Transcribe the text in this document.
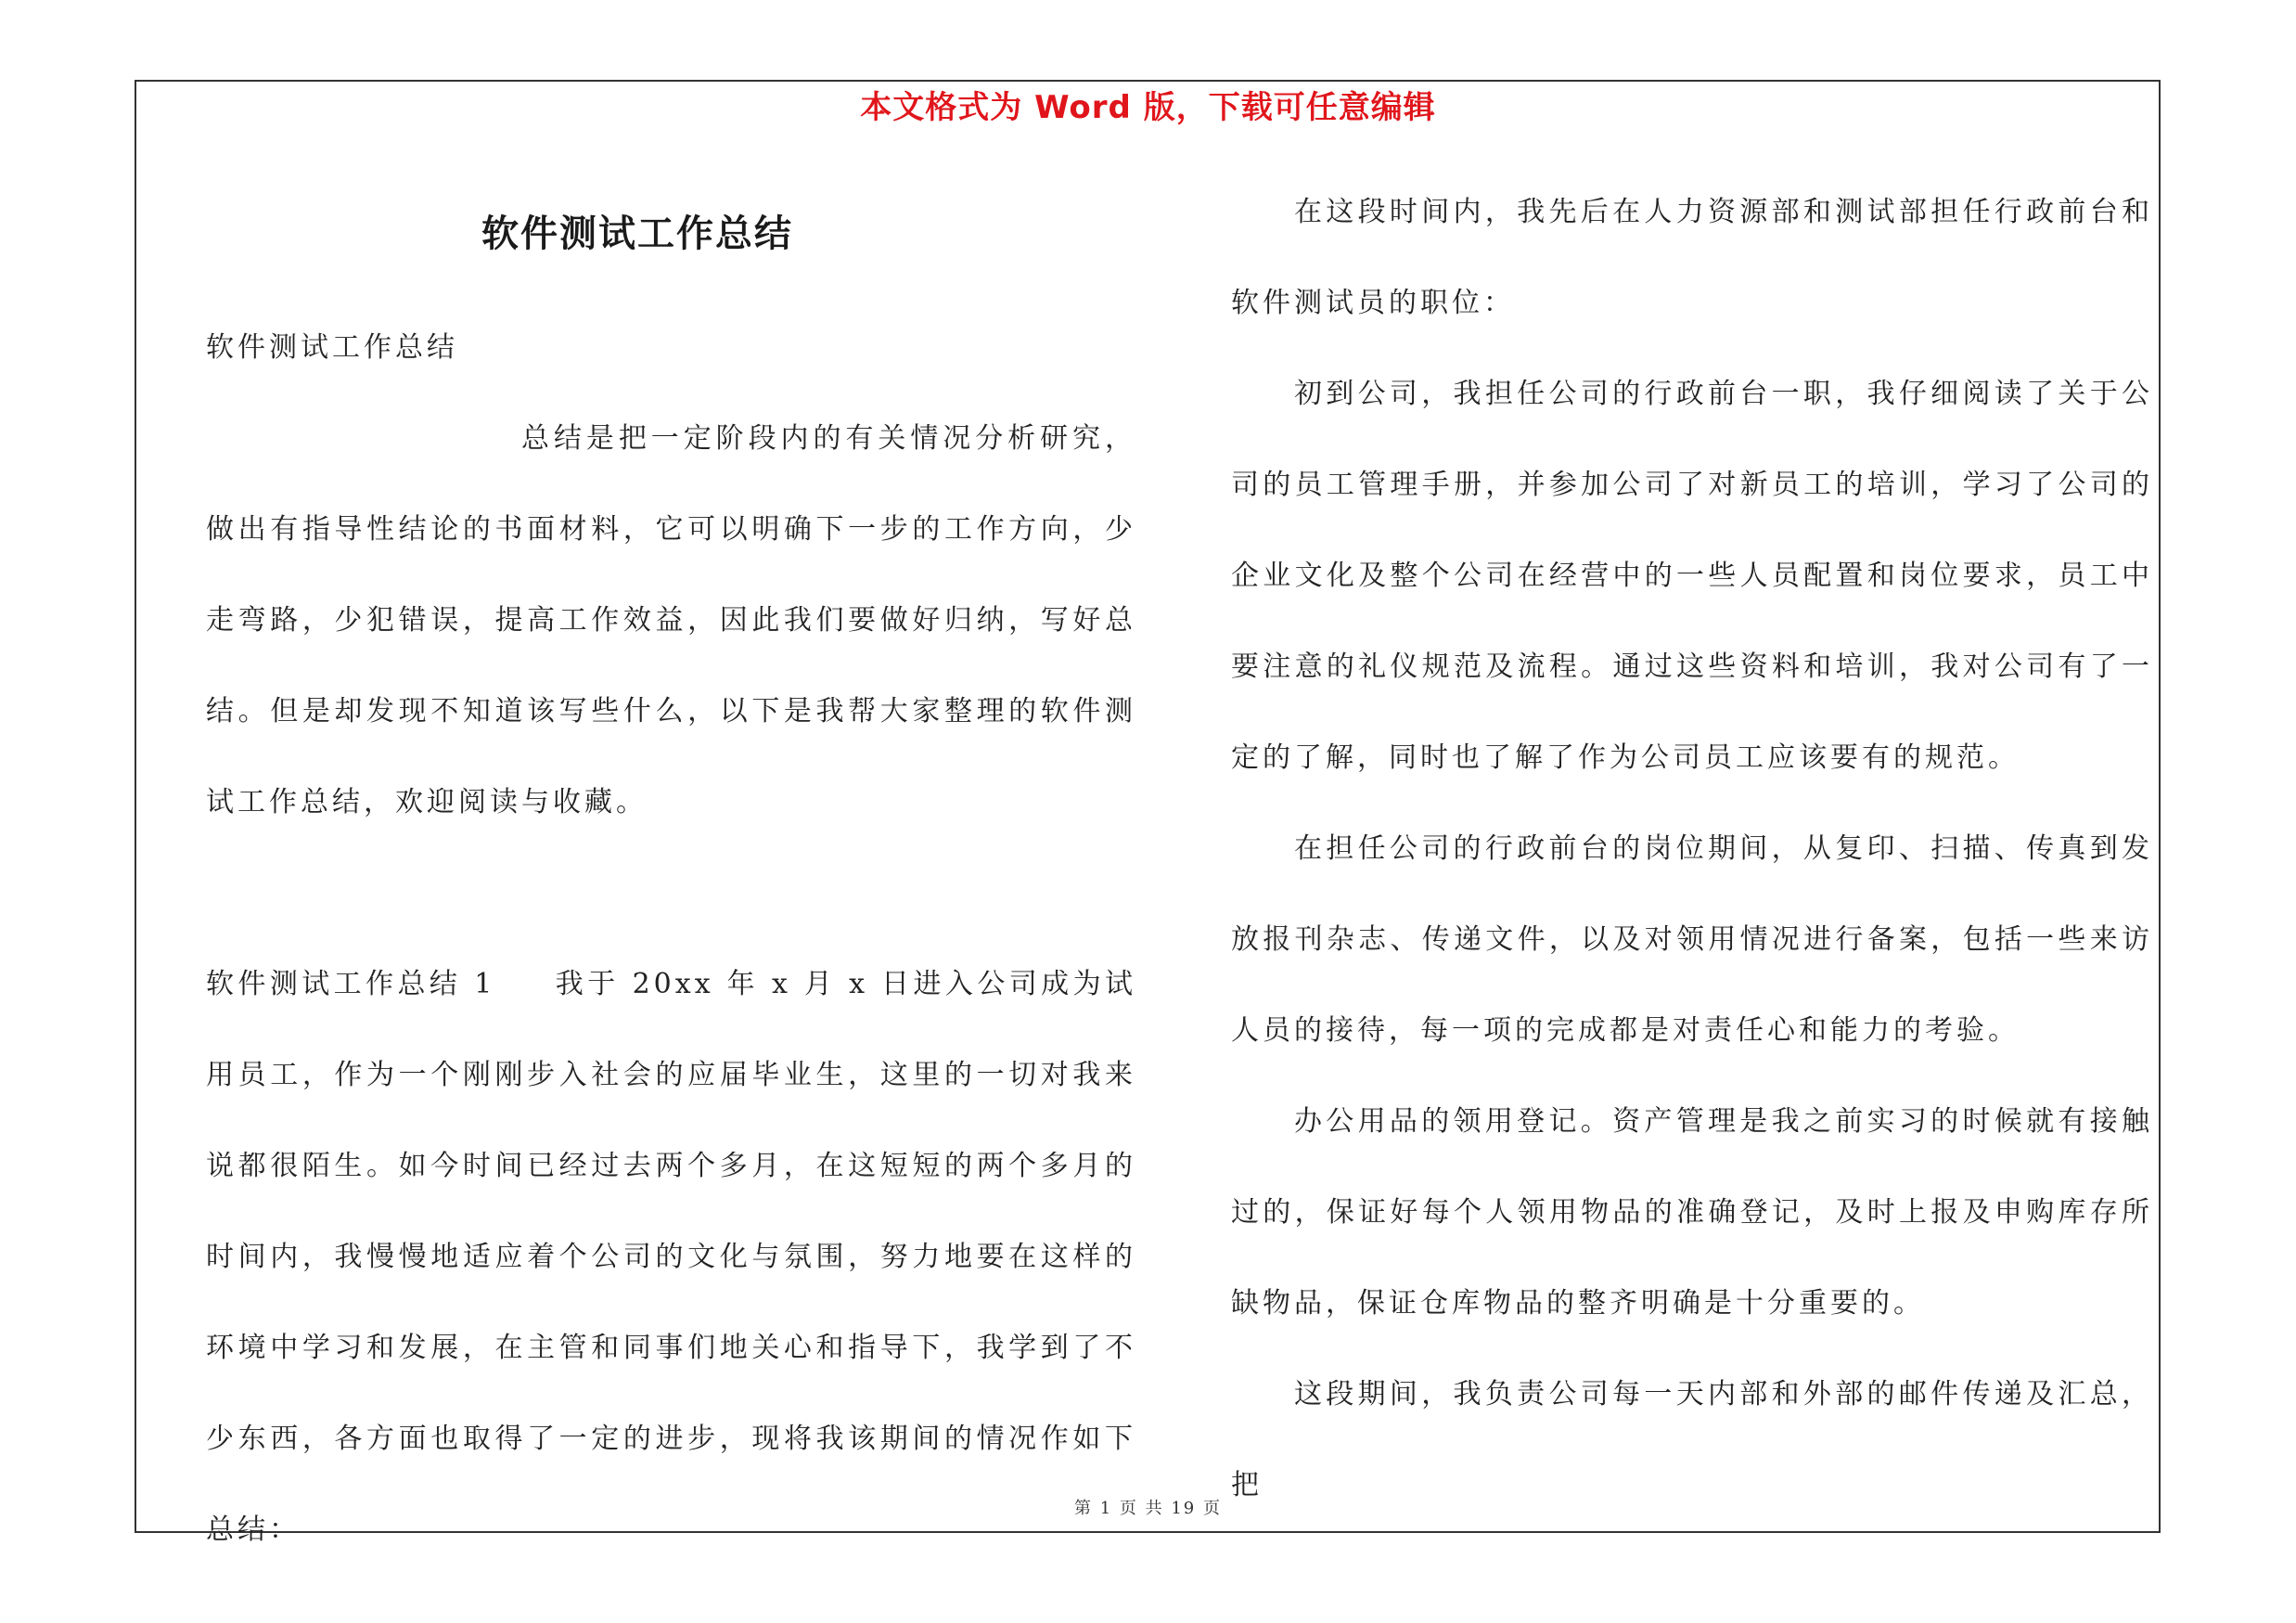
本文格式为 Word 版，下载可任意编辑
软件测试工作总结

软件测试工作总结

总结是把一定阶段内的有关情况分析研究，做出有指导性结论的书面材料，它可以明确下一步的工作方向，少走弯路，少犯错误，提高工作效益，因此我们要做好归纳，写好总结。但是却发现不知道该写些什么，以下是我帮大家整理的软件测试工作总结，欢迎阅读与收藏。

软件测试工作总结 1 我于 20xx 年 x 月 x 日进入公司成为试用员工，作为一个刚刚步入社会的应届毕业生，这里的一切对我来说都很陌生。如今时间已经过去两个多月，在这短短的两个多月的时间内，我慢慢地适应着个公司的文化与氛围，努力地要在这样的环境中学习和发展，在主管和同事们地关心和指导下，我学到了不少东西，各方面也取得了一定的进步，现将我该期间的情况作如下总结：

在这段时间内，我先后在人力资源部和测试部担任行政前台和软件测试员的职位：

初到公司，我担任公司的行政前台一职，我仔细阅读了关于公司的员工管理手册，并参加公司了对新员工的培训，学习了公司的企业文化及整个公司在经营中的一些人员配置和岗位要求，员工中要注意的礼仪规范及流程。通过这些资料和培训，我对公司有了一定的了解，同时也了解了作为公司员工应该要有的规范。

在担任公司的行政前台的岗位期间，从复印、扫描、传真到发放报刊杂志、传递文件，以及对领用情况进行备案，包括一些来访人员的接待，每一项的完成都是对责任心和能力的考验。

办公用品的领用登记。资产管理是我之前实习的时候就有接触过的，保证好每个人领用物品的准确登记，及时上报及申购库存所缺物品，保证仓库物品的整齐明确是十分重要的。

这段期间，我负责公司每一天内部和外部的邮件传递及汇总，把

第 1 页 共 19 页
